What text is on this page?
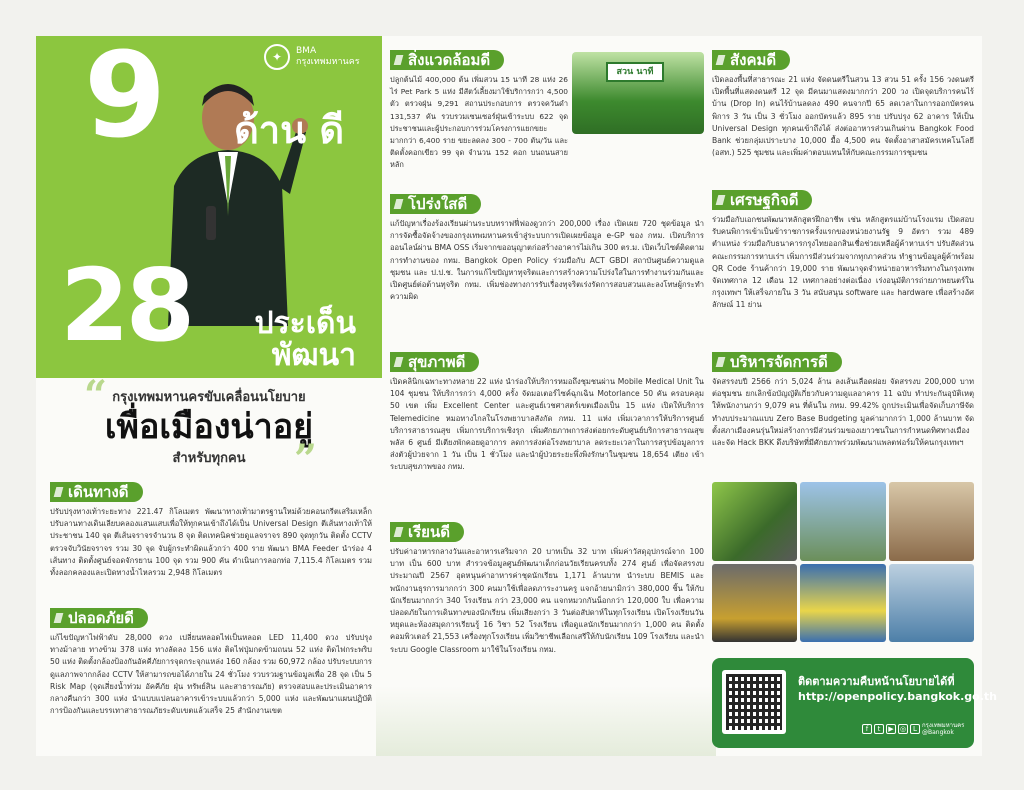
9 ด้าน ดี
28	ประเด็น พัฒนา
✦	BMA
กรุงเทพมหานคร
กรุงเทพมหานครขับเคลื่อนนโยบาย
เพื่อเมืองน่าอยู่
สำหรับทุกคน
“
”
เดินทางดี

ปรับปรุงทางเท้าระยะทาง 221.47 กิโลเมตร พัฒนาทางเท้ามาตรฐานใหม่ด้วยคอนกรีตเสริมเหล็ก ปรับลานทางเดินเลียบคลองแสนแสบเพื่อให้ทุกคนเข้าถึงได้เป็น Universal Design ตีเส้นทางเท้าให้ประชาชน 140 จุด ตีเส้นจราจรจำนวน 8 จุด ติดเทคนิคช่วยดูแลจราจร 890 จุดทุกวัน ติดตั้ง CCTV ตรวจจับวินัยจราจร รวม 30 จุด จับผู้กระทำผิดแล้วกว่า 400 ราย พัฒนา BMA Feeder นำร่อง 4 เส้นทาง ติดตั้งศูนย์จอดจักรยาน 100 จุด รวม 900 คัน ดำเนินการลอกท่อ 7,115.4 กิโลเมตร รวมทั้งลอกคลองและเปิดทางน้ำไหลรวม 2,948 กิโลเมตร

ปลอดภัยดี

แก้ไขปัญหาไฟฟ้าดับ 28,000 ดวง เปลี่ยนหลอดไฟเป็นหลอด LED 11,400 ดวง ปรับปรุงทางม้าลาย ทางข้าม 378 แห่ง ทางลัดลง 156 แห่ง ติดไฟปุ่มกดข้ามถนน 52 แห่ง ติดไฟกระพริบ 50 แห่ง ติดตั้งกล้องป้องกันอัคคีภัยการจุดกระจุกแหล่ง 160 กล้อง รวม 60,972 กล้อง ปรับระบบการดูแลภาพจากกล้อง CCTV ให้สามารถขอได้ภายใน 24 ชั่วโมง รวบรวมฐานข้อมูลเพื่อ 28 จุด เป็น 5 Risk Map (จุดเสี่ยงน้ำท่วม อัคคีภัย ฝุ่น ทรัพย์สิน และสาธารณภัย) ตรวจสอบและประเมินอาคารกลางคืนกว่า 300 แห่ง นำแบบแปลนอาคารเข้าระบบแล้วกว่า 5,000 แห่ง และพัฒนาแผนปฏิบัติการป้องกันและบรรเทาสาธารณภัยระดับเขตแล้วเสร็จ 25 สำนักงานเขต

สิ่งแวดล้อมดี

ปลูกต้นไม้ 400,000 ต้น เพิ่มสวน 15 นาที 28 แห่ง 26 ไร่ Pet Park 5 แห่ง มีสัตว์เลี้ยงมาใช้บริการกว่า 4,500 ตัว ตรวจฝุ่น 9,291 สถานประกอบการ ตรวจควันดำ 131,537 คัน รวบรวมเซนเซอร์ฝุ่นเข้าระบบ 622 จุด ประชาชนและผู้ประกอบการร่วมโครงการแยกขยะมากกว่า 6,400 ราย ขยะลดลง 300 - 700 ตัน/วัน และติดตั้งคอกเขียว 99 จุด จำนวน 152 คอก บนถนนสายหลัก

สวน นาที
โปร่งใสดี

แก้ปัญหาเรื่องร้องเรียนผ่านระบบทราฟฟี่ฟองดูวกว่า 200,000 เรื่อง เปิดเผย 720 ชุดข้อมูล นำการจัดซื้อจัดจ้างของกรุงเทพมหานครเข้าสู่ระบบการเปิดเผยข้อมูล e-GP ของ กทม. เปิดบริการออนไลน์ผ่าน BMA OSS เริ่มจากขออนุญาตก่อสร้างอาคารไม่เกิน 300 ตร.ม. เปิดเว็บไซต์ติดตามการทำงานของ กทม. Bangkok Open Policy ร่วมมือกับ ACT GBDI สถาบันศูนย์ความดูแลชุมชน และ ป.ป.ช. ในการแก้ไขปัญหาทุจริตและการสร้างความโปร่งใสในการทำงานร่วมกันและเปิดศูนย์ต่อต้านทุจริต กทม. เพิ่มช่องทางการรับเรื่องทุจริตเร่งรัดการสอบสวนและลงโทษผู้กระทำความผิด

สุขภาพดี

เปิดคลินิกเฉพาะทางหลาย 22 แห่ง นำร่องให้บริการหมอถึงชุมชนผ่าน Mobile Medical Unit ใน 104 ชุมชน ให้บริการกว่า 4,000 ครั้ง จัดมอเตอร์ไซค์ฉุกเฉิน Motorlance 50 คัน ครอบคลุม 50 เขต เพิ่ม Excellent Center และศูนย์เวชศาสตร์เขตเมืองเป็น 15 แห่ง เปิดให้บริการ Telemedicine หมอทางไกลในโรงพยาบาลสังกัด กทม. 11 แห่ง เพิ่มเวลาการให้บริการศูนย์บริการสาธารณสุข เพิ่มการบริการเชิงรุก เพิ่มศักยภาพการส่งต่อยกระดับศูนย์บริการสาธารณสุขพลัส 6 ศูนย์ มีเตียงพักคอยดูอาการ ลดการส่งต่อโรงพยาบาล ลดระยะเวลาในการสรุปข้อมูลการส่งตัวผู้ป่วยจาก 1 วัน เป็น 1 ชั่วโมง และนำผู้ป่วยระยะพึ่งพิงรักษาในชุมชน 18,654 เตียง เข้าระบบสุขภาพของ กทม.

เรียนดี

ปรับค่าอาหารกลางวันและอาหารเสริมจาก 20 บาทเป็น 32 บาท เพิ่มค่าวัสดุอุปกรณ์จาก 100 บาท เป็น 600 บาท สำรวจข้อมูลศูนย์พัฒนาเด็กก่อนวัยเรียนครบทั้ง 274 ศูนย์ เพื่อจัดสรรงบประมาณปี 2567 อุดหนุนค่าอาหารค่าชุดนักเรียน 1,171 ล้านบาท นำระบบ BEMIS และพนักงานธุรการมากกว่า 300 คนมาใช้เพื่อลดภาระงานครู แจกอ้ายนามิกว่า 380,000 ชิ้น ให้กับนักเรียนมากกว่า 340 โรงเรียน กว่า 23,000 คน แจกหมวกกันน็อกกว่า 120,000 ใบ เพื่อความปลอดภัยในการเดินทางของนักเรียน เพิ่มเสียงกว่า 3 วันต่อสัปดาห์ในทุกโรงเรียน เปิดโรงเรียนวันหยุดและห้องสมุดการเรียนรู้ 16 วิชา 52 โรงเรียน เพื่อดูแลนักเรียนมากกว่า 1,000 คน ติดตั้งคอมพิวเตอร์ 21,553 เครื่องทุกโรงเรียน เพิ่มวิชาชีพเลือกเสรีให้กับนักเรียน 109 โรงเรียน และนำระบบ Google Classroom มาใช้ในโรงเรียน กทม.

สังคมดี

เปิดลองพื้นที่สาธารณะ 21 แห่ง จัดดนตรีในสวน 13 สวน 51 ครั้ง 156 วงดนตรี เปิดพื้นที่แสดงดนตรี 12 จุด มีคนมาแสดงมากกว่า 200 วง เปิดจุดบริการคนไร้บ้าน (Drop In) คนไร้บ้านลดลง 490 คนจากปี 65 ลดเวลาในการออกบัตรคนพิการ 3 วัน เป็น 3 ชั่วโมง ออกบัตรแล้ว 895 ราย ปรับปรุง 62 อาคาร ให้เป็น Universal Design ทุกคนเข้าถึงได้ ส่งต่ออาหารส่วนเกินผ่าน Bangkok Food Bank ช่วยกลุ่มเปราะบาง 10,000 มื้อ 4,500 คน จัดตั้งอาสาสมัครเทคโนโลยี (อสท.) 525 ชุมชน และเพิ่มค่าตอบแทนให้กับคณะกรรมการชุมชน

เศรษฐกิจดี

ร่วมมือกับเอกชนพัฒนาหลักสูตรฝึกอาชีพ เช่น หลักสูตรแม่บ้านโรงแรม เปิดสอบรับคนพิการเข้าเป็นข้าราชการครั้งแรกของหน่วยงานรัฐ 9 อัตรา รวม 489 ตำแหน่ง ร่วมมือกับธนาคารกรุงไทยออกสินเชื่อช่วยเหลือผู้ค้าหาบเร่ฯ ปรับสัดส่วนคณะกรรมการหาบเร่ฯ เพิ่มการมีส่วนร่วมจากทุกภาคส่วน ทำฐานข้อมูลผู้ค้าพร้อม QR Code ร้านค้ากว่า 19,000 ราย พัฒนาจุดจำหน่ายอาหารริมทางในกรุงเทพ จัดเทศกาล 12 เดือน 12 เทศกาลอย่างต่อเนื่อง เร่งอนุมัติการถ่ายภาพยนตร์ในกรุงเทพฯ ให้เสร็จภายใน 3 วัน สนับสนุน software และ hardware เพื่อสร้างอัศลักษณ์ 11 ย่าน

บริหารจัดการดี

จัดสรรงบปี 2566 กว่า 5,024 ล้าน ลงเส้นเลือดฝอย จัดสรรงบ 200,000 บาท ต่อชุมชน ยกเลิกข้อบัญญัติเกี่ยวกับความดูแลอาคาร 11 ฉบับ ทำประกันอุบัติเหตุให้พนักงานกว่า 9,079 คน ที่ต้นใน กทม. 99.42% ถูกประเมินเพื่อจัดเก็บภาษีจัดทำงบประมาณแบบ Zero Base Budgeting มูลค่ามากกว่า 1,000 ล้านบาท จัดตั้งสภาเมืองคนรุ่นใหม่สร้างการมีส่วนร่วมของเยาวชนในการกำหนดทิศทางเมือง และจัด Hack BKK ดึงบริษัทที่มีศักยภาพร่วมพัฒนาแพลตฟอร์มให้คนกรุงเทพฯ

ติดตามความคืบหน้านโยบายได้ที่
http://openpolicy.bangkok.go.th
f	t	▶ ◎	L กรุงเทพมหานคร @Bangkok
